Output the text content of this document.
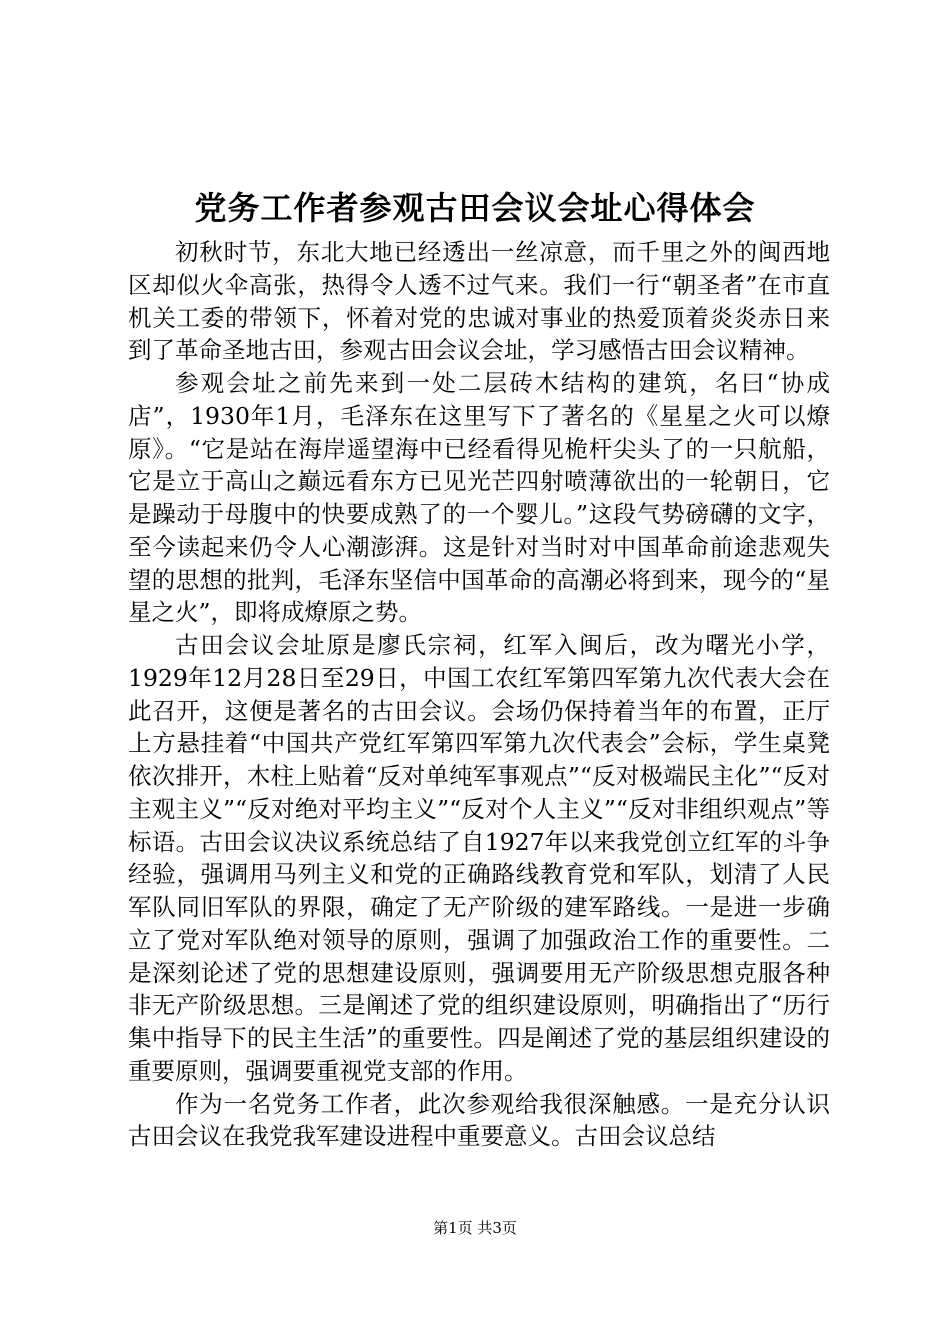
党务工作者参观古田会议会址心得体会

初秋时节，东北大地已经透出一丝凉意，而千里之外的闽西地区却似火伞高张，热得令人透不过气来。我们一行“朝圣者”在市直机关工委的带领下，怀着对党的忠诚对事业的热爱顶着炎炎赤日来到了革命圣地古田，参观古田会议会址，学习感悟古田会议精神。

参观会址之前先来到一处二层砖木结构的建筑，名曰“协成店”，1930年1月，毛泽东在这里写下了著名的《星星之火可以燎原》。“它是站在海岸遥望海中已经看得见桅杆尖头了的一只航船，它是立于高山之巅远看东方已见光芒四射喷薄欲出的一轮朝日，它是躁动于母腹中的快要成熟了的一个婴儿。”这段气势磅礴的文字，至今读起来仍令人心潮澎湃。这是针对当时对中国革命前途悲观失望的思想的批判，毛泽东坚信中国革命的高潮必将到来，现今的“星星之火”，即将成燎原之势。

古田会议会址原是廖氏宗祠，红军入闽后，改为曙光小学，1929年12月28日至29日，中国工农红军第四军第九次代表大会在此召开，这便是著名的古田会议。会场仍保持着当年的布置，正厅上方悬挂着“中国共产党红军第四军第九次代表会”会标，学生桌凳依次排开，木柱上贴着“反对单纯军事观点”“反对极端民主化”“反对主观主义”“反对绝对平均主义”“反对个人主义”“反对非组织观点”等标语。古田会议决议系统总结了自1927年以来我党创立红军的斗争经验，强调用马列主义和党的正确路线教育党和军队，划清了人民军队同旧军队的界限，确定了无产阶级的建军路线。一是进一步确立了党对军队绝对领导的原则，强调了加强政治工作的重要性。二是深刻论述了党的思想建设原则，强调要用无产阶级思想克服各种非无产阶级思想。三是阐述了党的组织建设原则，明确指出了“历行集中指导下的民主生活”的重要性。四是阐述了党的基层组织建设的重要原则，强调要重视党支部的作用。

作为一名党务工作者，此次参观给我很深触感。一是充分认识古田会议在我党我军建设进程中重要意义。古田会议总结

第1页 共3页
